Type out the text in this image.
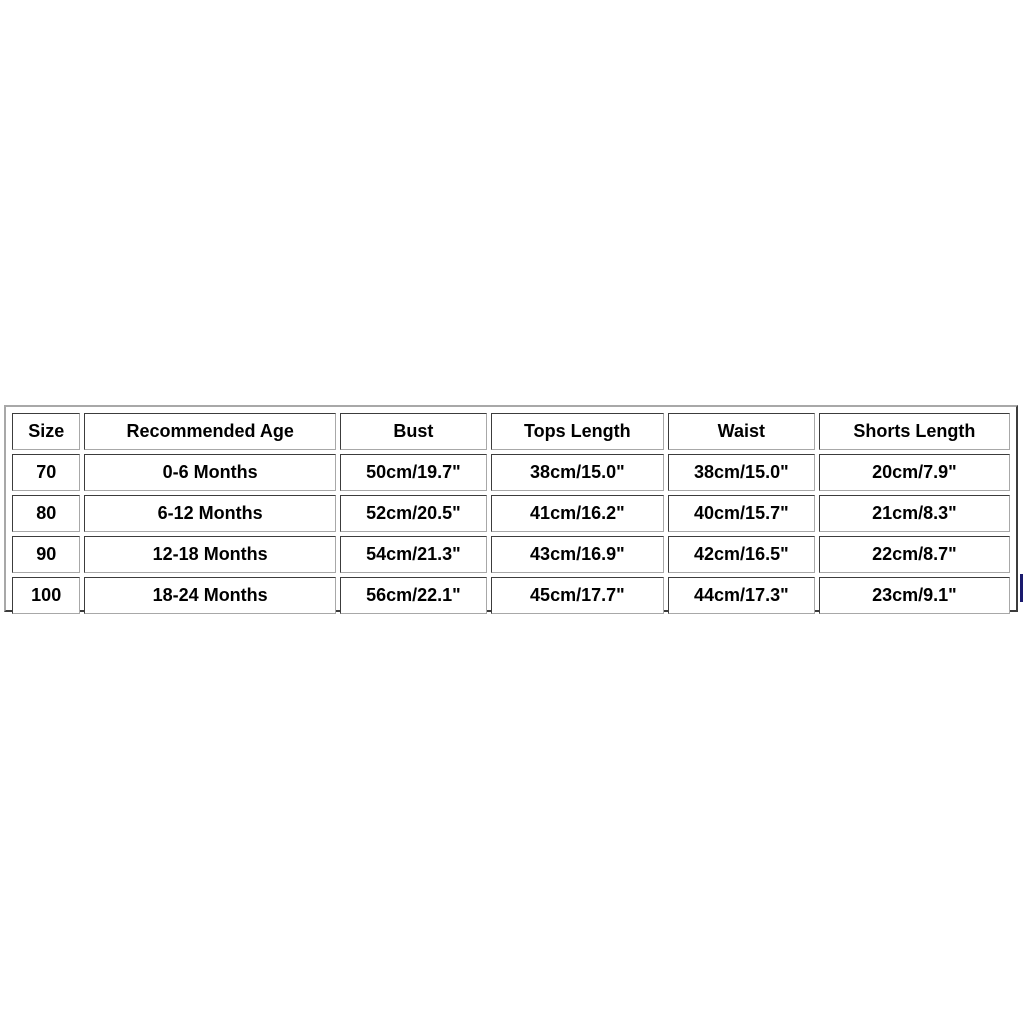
Size	Recommended Age	Bust	Tops Length	Waist	Shorts Length
70	0-6 Months	50cm/19.7"	38cm/15.0"	38cm/15.0"	20cm/7.9"
80	6-12 Months	52cm/20.5"	41cm/16.2"	40cm/15.7"	21cm/8.3"
90	12-18 Months	54cm/21.3"	43cm/16.9"	42cm/16.5"	22cm/8.7"
100	18-24 Months	56cm/22.1"	45cm/17.7"	44cm/17.3"	23cm/9.1"
